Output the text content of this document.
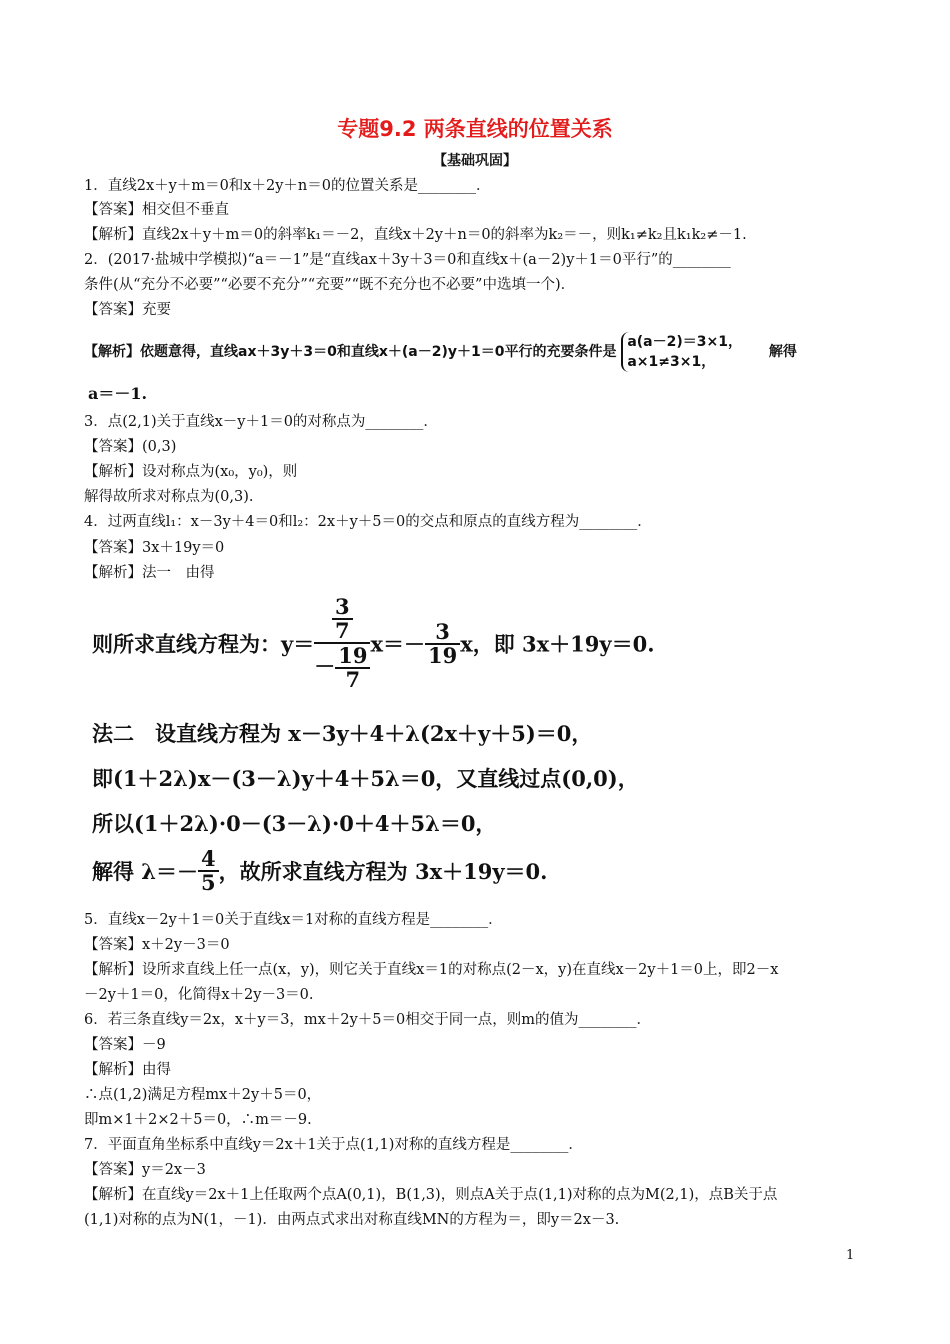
专题9.2 两条直线的位置关系
【基础巩固】
1．直线2x＋y＋m＝0和x＋2y＋n＝0的位置关系是________．
【答案】相交但不垂直
【解析】直线2x＋y＋m＝0的斜率k₁＝－2，直线x＋2y＋n＝0的斜率为k₂＝－，则k₁≠k₂且k₁k₂≠－1.
2．(2017·盐城中学模拟)“a＝－1”是“直线ax＋3y＋3＝0和直线x＋(a－2)y＋1＝0平行”的________
条件(从“充分不必要”“必要不充分”“充要”“既不充分也不必要”中选填一个)．
【答案】充要
【解析】依题意得，直线ax＋3y＋3＝0和直线x＋(a－2)y＋1＝0平行的充要条件是
a(a－2)＝3×1，
a×1≠3×1，
解得
a＝－1.
3．点(2,1)关于直线x－y＋1＝0的对称点为________．
【答案】(0,3)
【解析】设对称点为(x₀，y₀)，则
解得故所求对称点为(0,3).
4．过两直线l₁：x－3y＋4＝0和l₂：2x＋y＋5＝0的交点和原点的直线方程为________．
【答案】3x＋19y＝0
【解析】法一　由得
则所求直线方程为：$y= \frac{\frac{3}{7}}{- \frac{19}{7}} x=- \frac{3}{19}$ x，即 3x＋19y＝0.
法二　设直线方程为 x－3y＋4＋λ(2x＋y＋5)＝0，
即(1＋2λ)x－(3－λ)y＋4＋5λ＝0，又直线过点(0,0)，
所以(1＋2λ)·0－(3－λ)·0＋4＋5λ＝0，
解得 $\lambda=- \frac{4}{5}$ ，故所求直线方程为 3x＋19y＝0.
5．直线x－2y＋1＝0关于直线x＝1对称的直线方程是________．
【答案】x＋2y－3＝0
【解析】设所求直线上任一点(x，y)，则它关于直线x＝1的对称点(2－x，y)在直线x－2y＋1＝0上，即2－x
－2y＋1＝0，化简得x＋2y－3＝0.
6．若三条直线y＝2x，x＋y＝3，mx＋2y＋5＝0相交于同一点，则m的值为________．
【答案】－9
【解析】由得
∴点(1,2)满足方程mx＋2y＋5＝0，
即m×1＋2×2＋5＝0，∴m＝－9.
7．平面直角坐标系中直线y＝2x＋1关于点(1,1)对称的直线方程是________．
【答案】y＝2x－3
【解析】在直线y＝2x＋1上任取两个点A(0,1)，B(1,3)，则点A关于点(1,1)对称的点为M(2,1)，点B关于点
(1,1)对称的点为N(1，－1)．由两点式求出对称直线MN的方程为＝，即y＝2x－3.
1
